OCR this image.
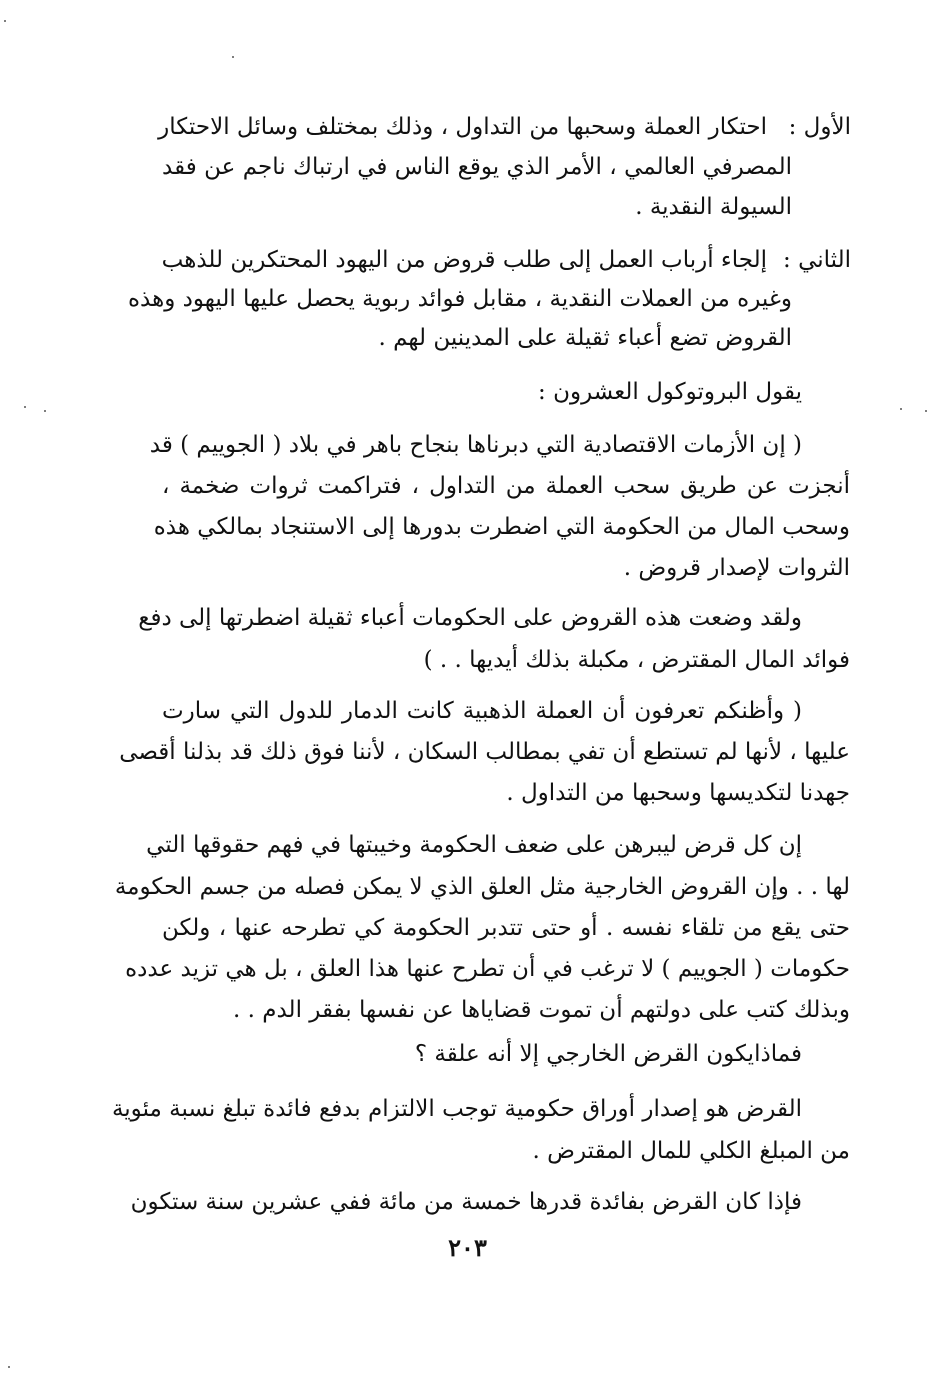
الأول :

احتكار العملة وسحبها من التداول ، وذلك بمختلف وسائل الاحتكار

المصرفي العالمي ، الأمر الذي يوقع الناس في ارتباك ناجم عن فقد

السيولة النقدية .

الثاني :

إلجاء أرباب العمل إلى طلب قروض من اليهود المحتكرين للذهب

وغيره من العملات النقدية ، مقابل فوائد ربوية يحصل عليها اليهود وهذه

القروض تضع أعباء ثقيلة على المدينين لهم .

يقول البروتوكول العشرون :

( إن الأزمات الاقتصادية التي دبرناها بنجاح باهر في بلاد ( الجوييم ) قد

أنجزت عن طريق سحب العملة من التداول ، فتراكمت ثروات ضخمة ،

وسحب المال من الحكومة التي اضطرت بدورها إلى الاستنجاد بمالكي هذه

الثروات لإصدار قروض .

ولقد وضعت هذه القروض على الحكومات أعباء ثقيلة اضطرتها إلى دفع

فوائد المال المقترض ، مكبلة بذلك أيديها . . )

( وأظنكم تعرفون أن العملة الذهبية كانت الدمار للدول التي سارت

عليها ، لأنها لم تستطع أن تفي بمطالب السكان ، لأننا فوق ذلك قد بذلنا أقصى

جهدنا لتكديسها وسحبها من التداول .

إن كل قرض ليبرهن على ضعف الحكومة وخيبتها في فهم حقوقها التي

لها . . وإن القروض الخارجية مثل العلق الذي لا يمكن فصله من جسم الحكومة

حتى يقع من تلقاء نفسه . أو حتى تتدبر الحكومة كي تطرحه عنها ، ولكن

حكومات ( الجوييم ) لا ترغب في أن تطرح عنها هذا العلق ، بل هي تزيد عدده

وبذلك كتب على دولتهم أن تموت قضاياها عن نفسها بفقر الدم . .

فماذايكون القرض الخارجي إلا أنه علقة ؟

القرض هو إصدار أوراق حكومية توجب الالتزام بدفع فائدة تبلغ نسبة مئوية

من المبلغ الكلي للمال المقترض .

فإذا كان القرض بفائدة قدرها خمسة من مائة ففي عشرين سنة ستكون

٢٠٣
